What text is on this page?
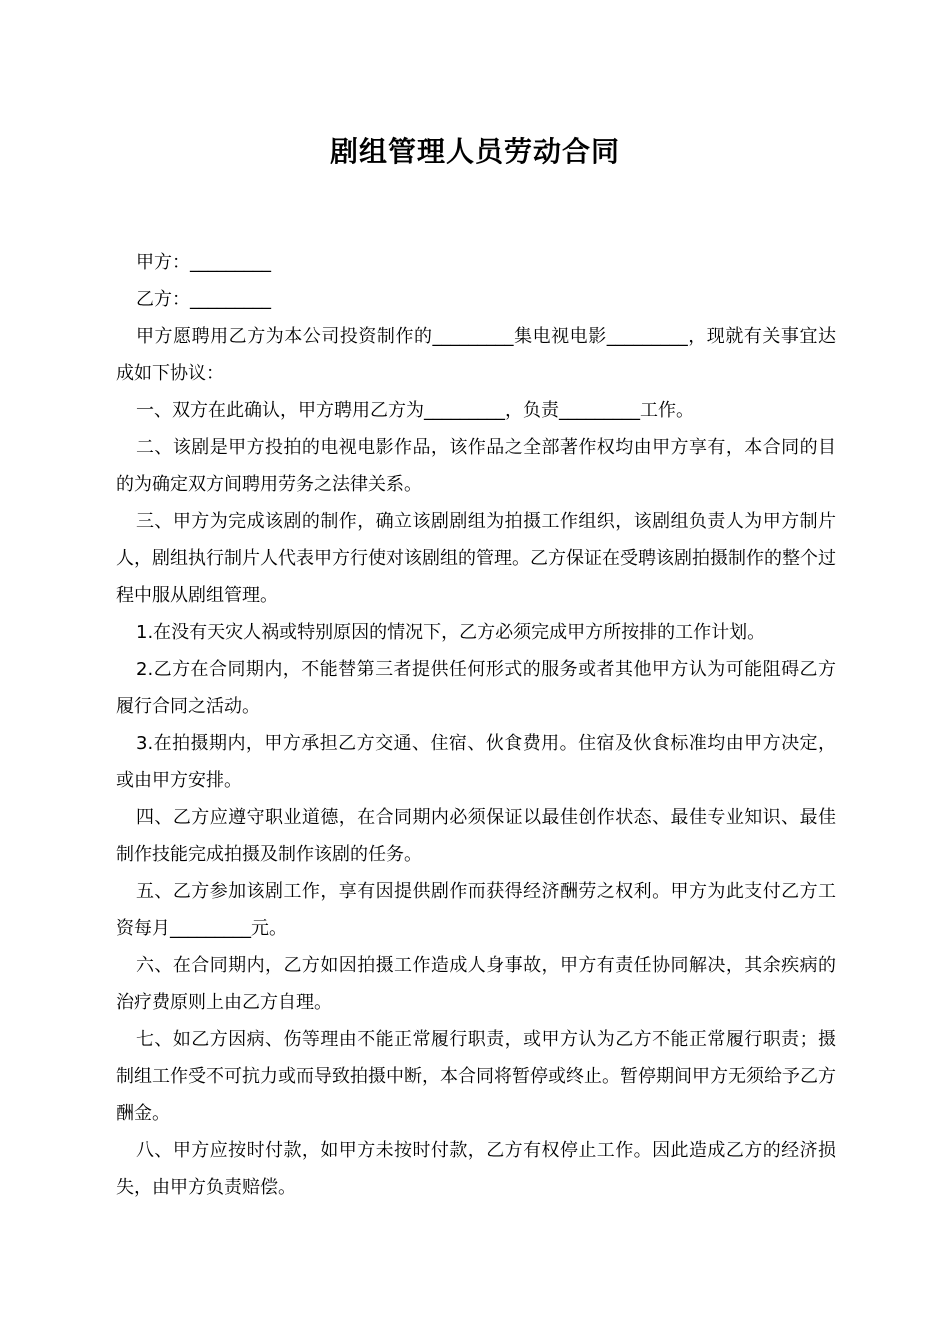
剧组管理人员劳动合同

甲方：_________

乙方：_________

甲方愿聘用乙方为本公司投资制作的_________集电视电影_________，现就有关事宜达成如下协议：

一、双方在此确认，甲方聘用乙方为_________，负责_________工作。

二、该剧是甲方投拍的电视电影作品，该作品之全部著作权均由甲方享有，本合同的目的为确定双方间聘用劳务之法律关系。

三、甲方为完成该剧的制作，确立该剧剧组为拍摄工作组织，该剧组负责人为甲方制片人，剧组执行制片人代表甲方行使对该剧组的管理。乙方保证在受聘该剧拍摄制作的整个过程中服从剧组管理。

1.在没有天灾人祸或特别原因的情况下，乙方必须完成甲方所按排的工作计划。

2.乙方在合同期内，不能替第三者提供任何形式的服务或者其他甲方认为可能阻碍乙方履行合同之活动。

3.在拍摄期内，甲方承担乙方交通、住宿、伙食费用。住宿及伙食标准均由甲方决定，或由甲方安排。

四、乙方应遵守职业道德，在合同期内必须保证以最佳创作状态、最佳专业知识、最佳制作技能完成拍摄及制作该剧的任务。

五、乙方参加该剧工作，享有因提供剧作而获得经济酬劳之权利。甲方为此支付乙方工资每月_________元。

六、在合同期内，乙方如因拍摄工作造成人身事故，甲方有责任协同解决，其余疾病的治疗费原则上由乙方自理。

七、如乙方因病、伤等理由不能正常履行职责，或甲方认为乙方不能正常履行职责；摄制组工作受不可抗力或而导致拍摄中断，本合同将暂停或终止。暂停期间甲方无须给予乙方酬金。

八、甲方应按时付款，如甲方未按时付款，乙方有权停止工作。因此造成乙方的经济损失，由甲方负责赔偿。
